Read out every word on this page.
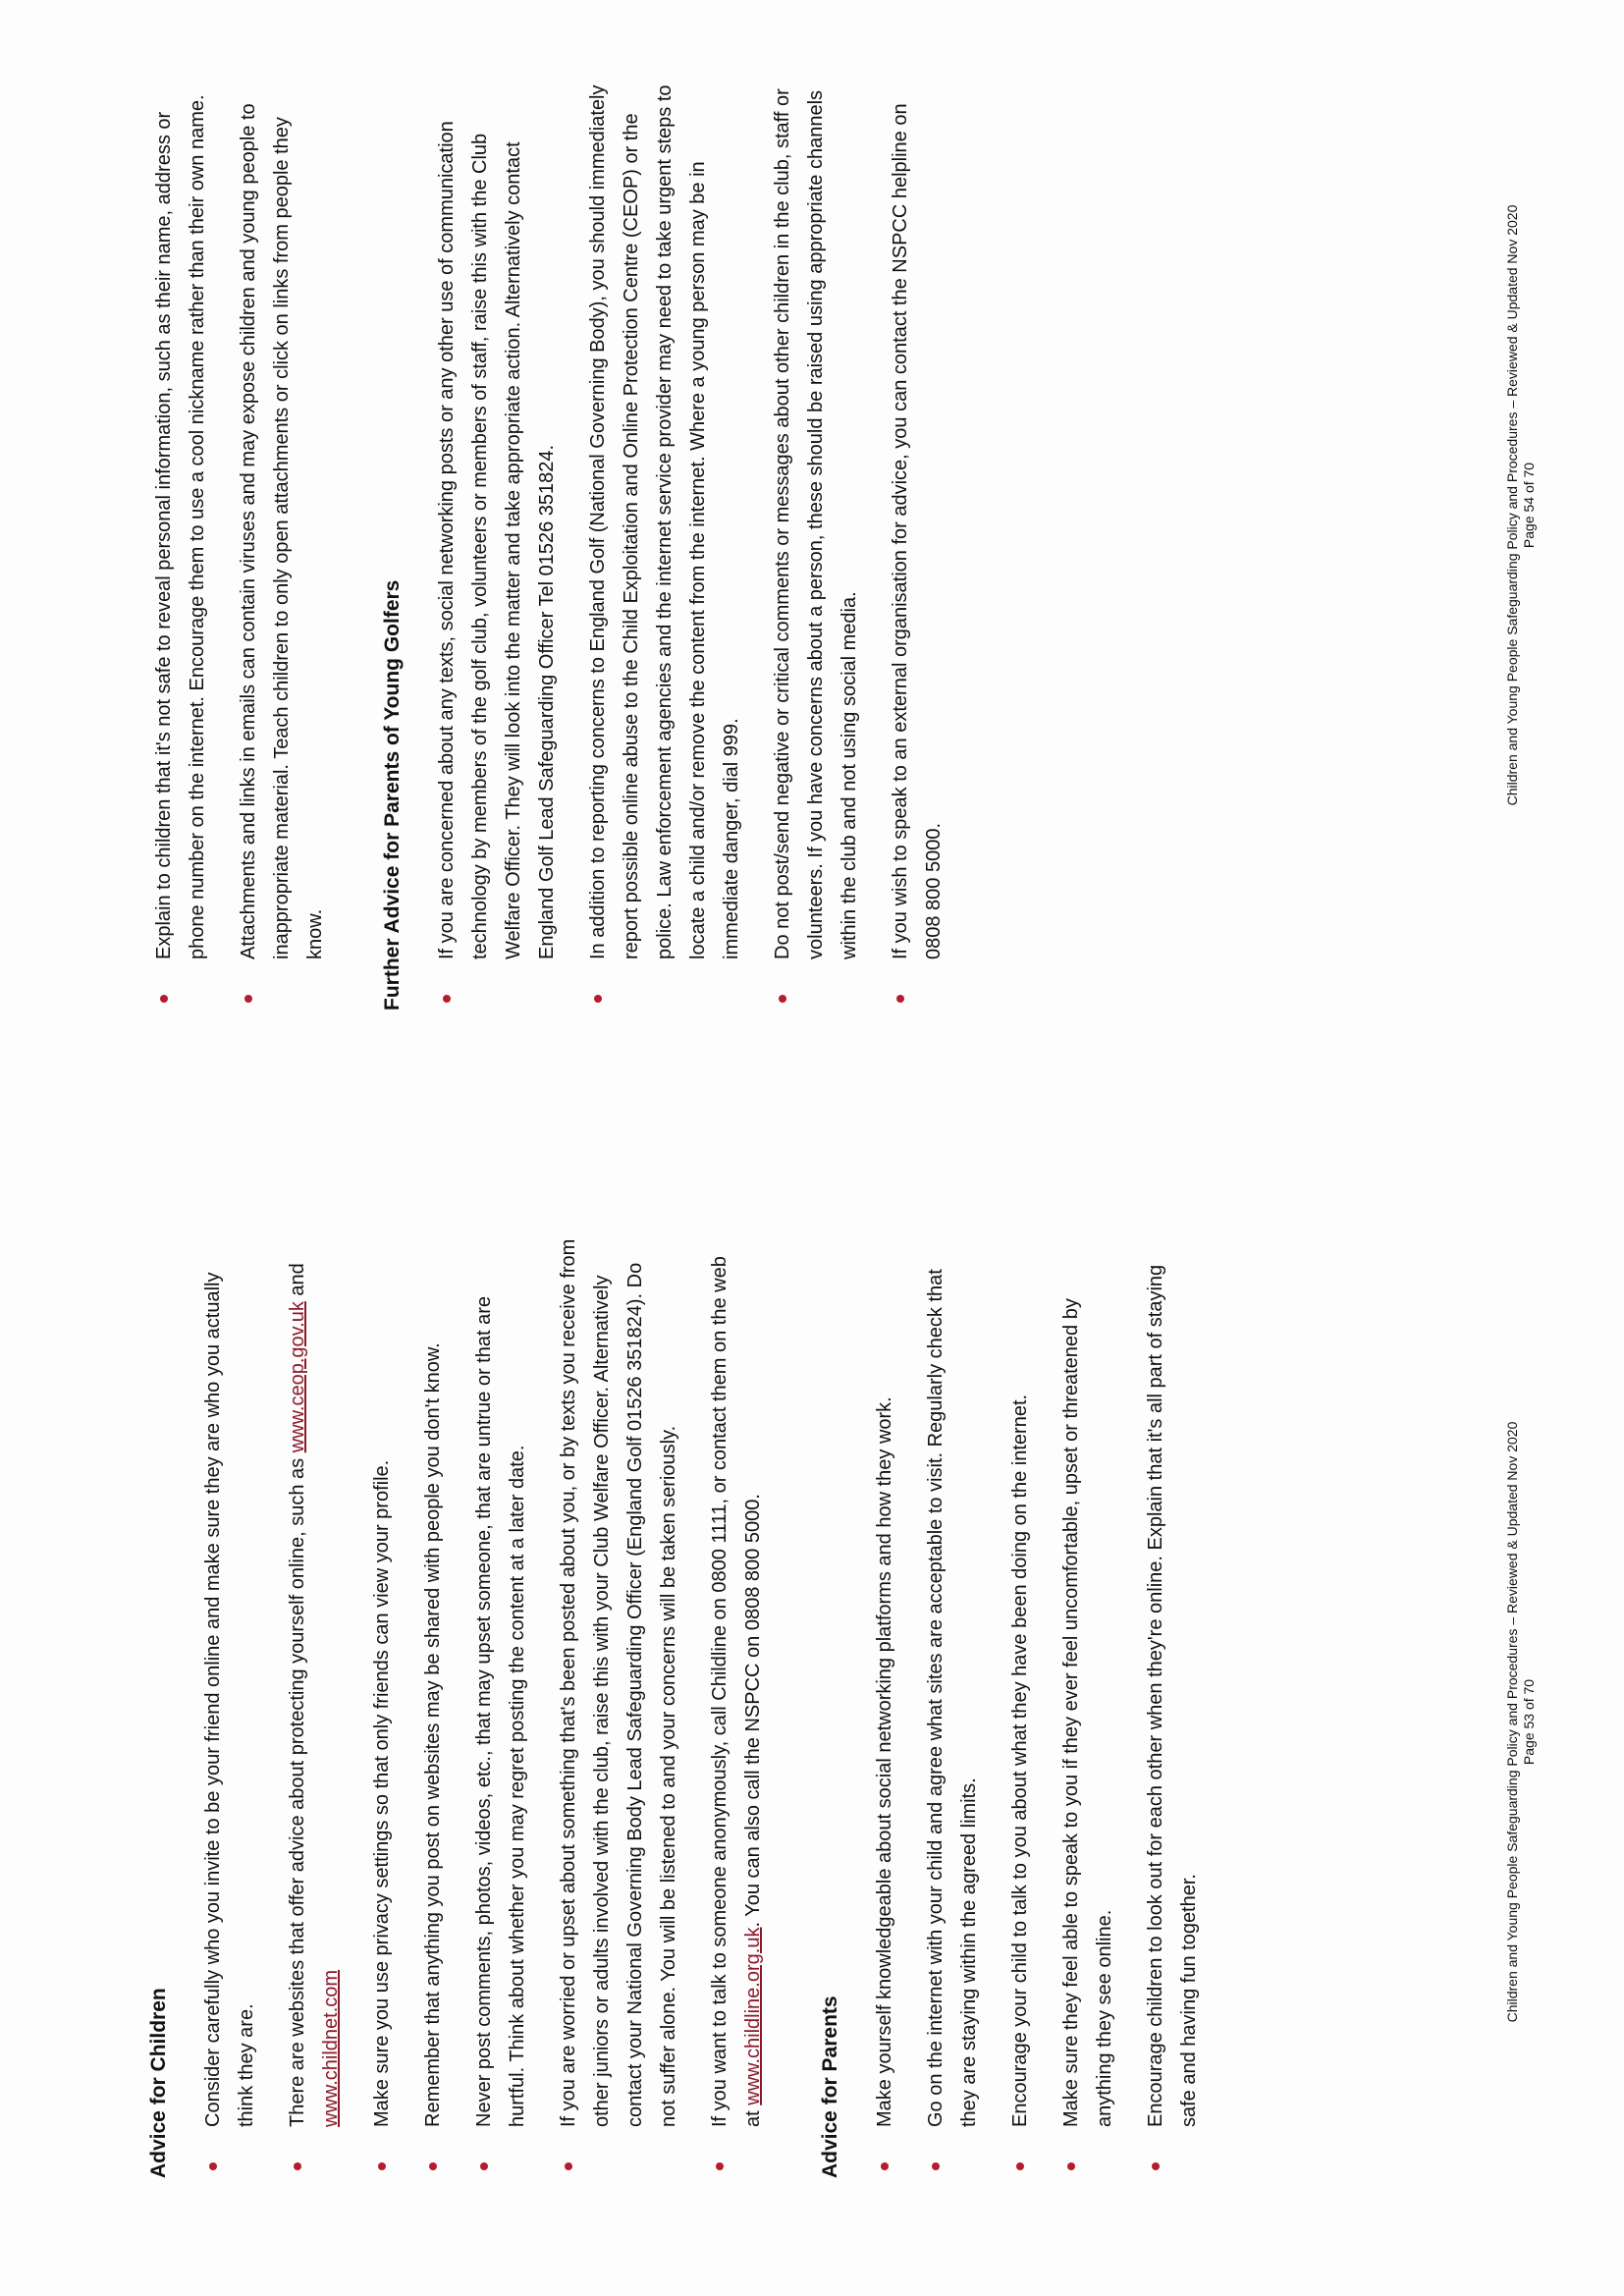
Advice for Children	Consider carefully who you invite to be your friend online and make sure they are who you actually think they are.	There are websites that offer advice about protecting yourself online, such as www.ceop.gov.uk and www.childnet.com	Make sure you use privacy settings so that only friends can view your profile.	Remember that anything you post on websites may be shared with people you don't know.	Never post comments, photos, videos, etc., that may upset someone, that are untrue or that are hurtful. Think about whether you may regret posting the content at a later date.	If you are worried or upset about something that's been posted about you, or by texts you receive from other juniors or adults involved with the club, raise this with your Club Welfare Officer. Alternatively contact your National Governing Body Lead Safeguarding Officer (England Golf 01526 351824). Do not suffer alone. You will be listened to and your concerns will be taken seriously.	If you want to talk to someone anonymously, call Childline on 0800 1111, or contact them on the web at www.childline.org.uk. You can also call the NSPCC on 0808 800 5000.
Advice for Parents	Make yourself knowledgeable about social networking platforms and how they work.	Go on the internet with your child and agree what sites are acceptable to visit. Regularly check that they are staying within the agreed limits.	Encourage your child to talk to you about what they have been doing on the internet.	Make sure they feel able to speak to you if they ever feel uncomfortable, upset or threatened by anything they see online.	Encourage children to look out for each other when they're online. Explain that it's all part of staying safe and having fun together.	Children and Young People Safeguarding Policy and Procedures – Reviewed & Updated Nov 2020 Page 53 of 70
Explain to children that it's not safe to reveal personal information, such as their name, address or phone number on the internet. Encourage them to use a cool nickname rather than their own name.	Attachments and links in emails can contain viruses and may expose children and young people to inappropriate material. Teach children to only open attachments or click on links from people they know.	Further Advice for Parents of Young Golfers	If you are concerned about any texts, social networking posts or any other use of communication technology by members of the golf club, volunteers or members of staff, raise this with the Club Welfare Officer. They will look into the matter and take appropriate action. Alternatively contact England Golf Lead Safeguarding Officer Tel 01526 351824.	In addition to reporting concerns to England Golf (National Governing Body), you should immediately report possible online abuse to the Child Exploitation and Online Protection Centre (CEOP) or the police. Law enforcement agencies and the internet service provider may need to take urgent steps to locate a child and/or remove the content from the internet. Where a young person may be in immediate danger, dial 999.	Do not post/send negative or critical comments or messages about other children in the club, staff or volunteers. If you have concerns about a person, these should be raised using appropriate channels within the club and not using social media.	If you wish to speak to an external organisation for advice, you can contact the NSPCC helpline on 0808 800 5000.
Children and Young People Safeguarding Policy and Procedures – Reviewed & Updated Nov 2020 Page 54 of 70
